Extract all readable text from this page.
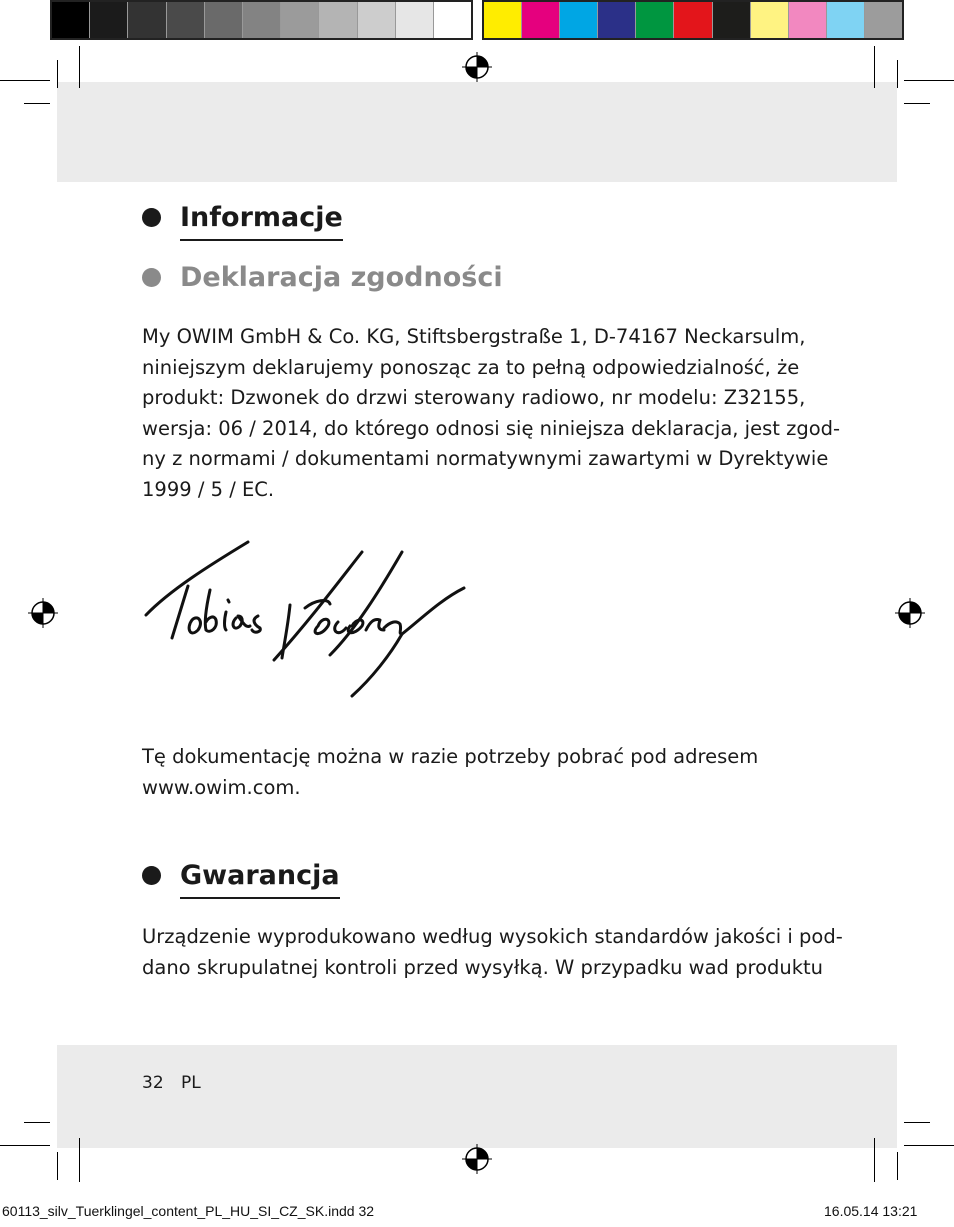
Informacje
Deklaracja zgodności
My OWIM GmbH & Co. KG, Stiftsbergstraße 1, D-74167 Neckarsulm,
niniejszym deklarujemy ponosząc za to pełną odpowiedzialność, że
produkt: Dzwonek do drzwi sterowany radiowo, nr modelu: Z32155,
wersja: 06 / 2014, do którego odnosi się niniejsza deklaracja, jest zgod-
ny z normami / dokumentami normatywnymi zawartymi w Dyrektywie
1999 / 5 / EC.
Tę dokumentację można w razie potrzeby pobrać pod adresem
www.owim.com.
Gwarancja
Urządzenie wyprodukowano według wysokich standardów jakości i pod-
dano skrupulatnej kontroli przed wysyłką. W przypadku wad produktu
32 PL
60113_silv_Tuerklingel_content_PL_HU_SI_CZ_SK.indd 32	16.05.14 13:21
